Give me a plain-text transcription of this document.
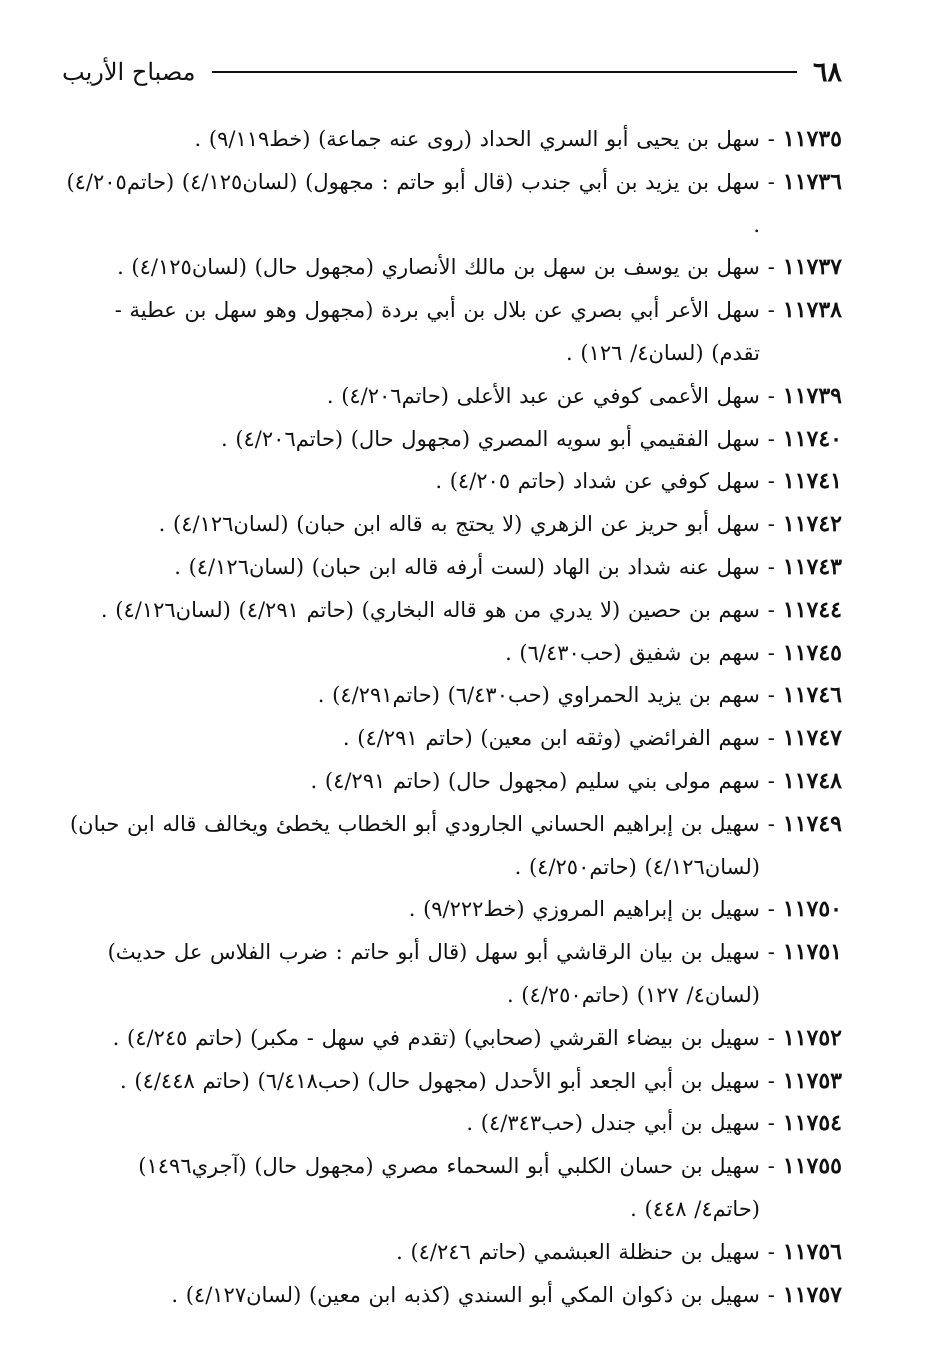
٦٨
مصباح الأريب
١١٧٣٥-سهل بن يحيى أبو السري الحداد (روى عنه جماعة) (خط٩/١١٩) .
١١٧٣٦-سهل بن يزيد بن أبي جندب (قال أبو حاتم : مجهول) (لسان٤/١٢٥) (حاتم٤/٢٠٥) .
١١٧٣٧-سهل بن يوسف بن سهل بن مالك الأنصاري (مجهول حال) (لسان٤/١٢٥) .
١١٧٣٨-سهل الأعر أبي بصري عن بلال بن أبي بردة (مجهول وهو سهل بن عطية - تقدم) (لسان٤/ ١٢٦) .
١١٧٣٩-سهل الأعمى كوفي عن عبد الأعلى (حاتم٤/٢٠٦) .
١١٧٤٠-سهل الفقيمي أبو سويه المصري (مجهول حال) (حاتم٤/٢٠٦) .
١١٧٤١-سهل كوفي عن شداد (حاتم ٤/٢٠٥) .
١١٧٤٢-سهل أبو حريز عن الزهري (لا يحتج به قاله ابن حبان) (لسان٤/١٢٦) .
١١٧٤٣-سهل عنه شداد بن الهاد (لست أرفه قاله ابن حبان) (لسان٤/١٢٦) .
١١٧٤٤-سهم بن حصين (لا يدري من هو قاله البخاري) (حاتم ٤/٢٩١) (لسان٤/١٢٦) .
١١٧٤٥-سهم بن شفيق (حب٦/٤٣٠) .
١١٧٤٦-سهم بن يزيد الحمراوي (حب٦/٤٣٠) (حاتم٤/٢٩١) .
١١٧٤٧-سهم الفرائضي (وثقه ابن معين) (حاتم ٤/٢٩١) .
١١٧٤٨-سهم مولى بني سليم (مجهول حال) (حاتم ٤/٢٩١) .
١١٧٤٩-سهيل بن إبراهيم الحساني الجارودي أبو الخطاب يخطئ ويخالف قاله ابن حبان) (لسان٤/١٢٦) (حاتم٤/٢٥٠) .
١١٧٥٠-سهيل بن إبراهيم المروزي (خط٩/٢٢٢) .
١١٧٥١-سهيل بن بيان الرقاشي أبو سهل (قال أبو حاتم : ضرب الفلاس عل حديث) (لسان٤/ ١٢٧) (حاتم٤/٢٥٠) .
١١٧٥٢-سهيل بن بيضاء القرشي (صحابي) (تقدم في سهل - مكبر) (حاتم ٤/٢٤٥) .
١١٧٥٣-سهيل بن أبي الجعد أبو الأحدل (مجهول حال) (حب٦/٤١٨) (حاتم ٤/٤٤٨) .
١١٧٥٤-سهيل بن أبي جندل (حب٤/٣٤٣) .
١١٧٥٥-سهيل بن حسان الكلبي أبو السحماء مصري (مجهول حال) (آجري١٤٩٦) (حاتم٤/ ٤٤٨) .
١١٧٥٦-سهيل بن حنظلة العبشمي (حاتم ٤/٢٤٦) .
١١٧٥٧-سهيل بن ذكوان المكي أبو السندي (كذبه ابن معين) (لسان٤/١٢٧) .
